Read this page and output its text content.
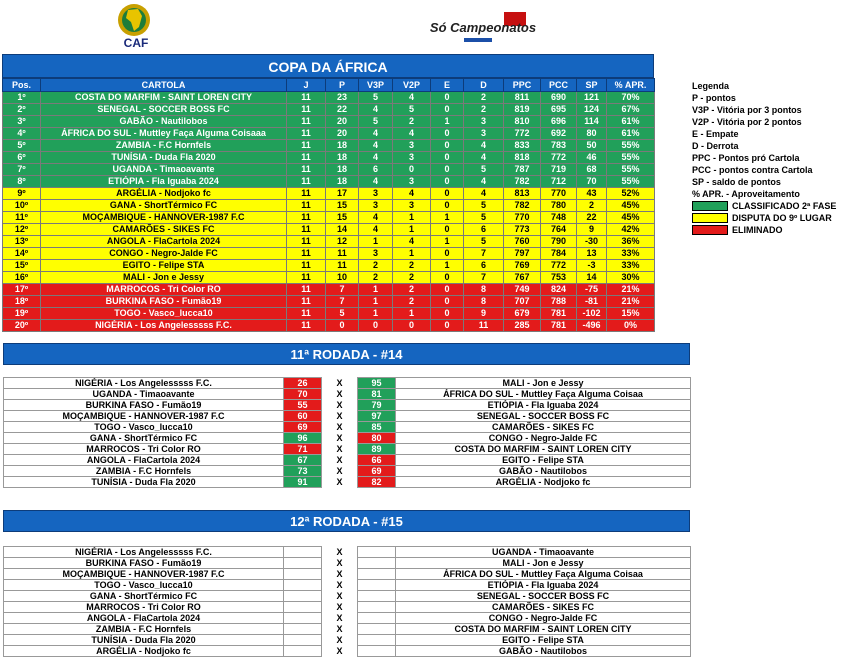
CAF
Só Campeonatos
COPA DA ÁFRICA
Pos.	CARTOLA	J	P	V3P	V2P	E	D	PPC	PCC	SP	% APR.
1º	COSTA DO MARFIM - SAINT LOREN CITY	11	23	5	4	0	2	811	690	121	70%
2º	SENEGAL - SOCCER BOSS FC	11	22	4	5	0	2	819	695	124	67%
3º	GABÃO - Nautilobos	11	20	5	2	1	3	810	696	114	61%
4º	ÁFRICA DO SUL - Muttley Faça Alguma Coisaaa	11	20	4	4	0	3	772	692	80	61%
5º	ZAMBIA - F.C Hornfels	11	18	4	3	0	4	833	783	50	55%
6º	TUNÍSIA - Duda Fla 2020	11	18	4	3	0	4	818	772	46	55%
7º	UGANDA - Timaoavante	11	18	6	0	0	5	787	719	68	55%
8º	ETIÓPIA - Fla Iguaba 2024	11	18	4	3	0	4	782	712	70	55%
9º	ARGÉLIA - Nodjoko fc	11	17	3	4	0	4	813	770	43	52%
10º	GANA - ShortTérmico FC	11	15	3	3	0	5	782	780	2	45%
11º	MOÇAMBIQUE - HANNOVER-1987 F.C	11	15	4	1	1	5	770	748	22	45%
12º	CAMARÕES - SIKES FC	11	14	4	1	0	6	773	764	9	42%
13º	ANGOLA - FlaCartola 2024	11	12	1	4	1	5	760	790	-30	36%
14º	CONGO - Negro-Jalde FC	11	11	3	1	0	7	797	784	13	33%
15º	EGITO - Felipe STA	11	11	2	2	1	6	769	772	-3	33%
16º	MALI - Jon e Jessy	11	10	2	2	0	7	767	753	14	30%
17º	MARROCOS - Tri Color RO	11	7	1	2	0	8	749	824	-75	21%
18º	BURKINA FASO - Fumão19	11	7	1	2	0	8	707	788	-81	21%
19º	TOGO - Vasco_lucca10	11	5	1	1	0	9	679	781	-102	15%
20º	NIGÉRIA - Los Angelesssss F.C.	11	0	0	0	0	11	285	781	-496	0%
Legenda
P - pontos
V3P - Vitória por 3 pontos
V2P - Vitória por 2 pontos
E - Empate
D - Derrota
PPC - Pontos pró Cartola
PCC - pontos contra Cartola
SP - saldo de pontos
% APR. - Aproveitamento
CLASSIFICADO 2ª FASE
DISPUTA DO 9º LUGAR
ELIMINADO
11ª RODADA - #14
NIGÉRIA - Los Angelesssss F.C.	26	X	95	MALI - Jon e Jessy
UGANDA - Timaoavante	70	X	81	ÁFRICA DO SUL - Muttley Faça Alguma Coisaa
BURKINA FASO - Fumão19	55	X	79	ETIÓPIA - Fla Iguaba 2024
MOÇAMBIQUE - HANNOVER-1987 F.C	60	X	97	SENEGAL - SOCCER BOSS FC
TOGO - Vasco_lucca10	69	X	85	CAMARÕES - SIKES FC
GANA - ShortTérmico FC	96	X	80	CONGO - Negro-Jalde FC
MARROCOS - Tri Color RO	71	X	89	COSTA DO MARFIM - SAINT LOREN CITY
ANGOLA - FlaCartola 2024	67	X	66	EGITO - Felipe STA
ZAMBIA - F.C Hornfels	73	X	69	GABÃO - Nautilobos
TUNÍSIA - Duda Fla 2020	91	X	82	ARGÉLIA - Nodjoko fc
12ª RODADA - #15
NIGÉRIA - Los Angelesssss F.C.		X		UGANDA - Timaoavante
BURKINA FASO - Fumão19		X		MALI - Jon e Jessy
MOÇAMBIQUE - HANNOVER-1987 F.C		X		ÁFRICA DO SUL - Muttley Faça Alguma Coisaa
TOGO - Vasco_lucca10		X		ETIÓPIA - Fla Iguaba 2024
GANA - ShortTérmico FC		X		SENEGAL - SOCCER BOSS FC
MARROCOS - Tri Color RO		X		CAMARÕES - SIKES FC
ANGOLA - FlaCartola 2024		X		CONGO - Negro-Jalde FC
ZAMBIA - F.C Hornfels		X		COSTA DO MARFIM - SAINT LOREN CITY
TUNÍSIA - Duda Fla 2020		X		EGITO - Felipe STA
ARGÉLIA - Nodjoko fc		X		GABÃO - Nautilobos
